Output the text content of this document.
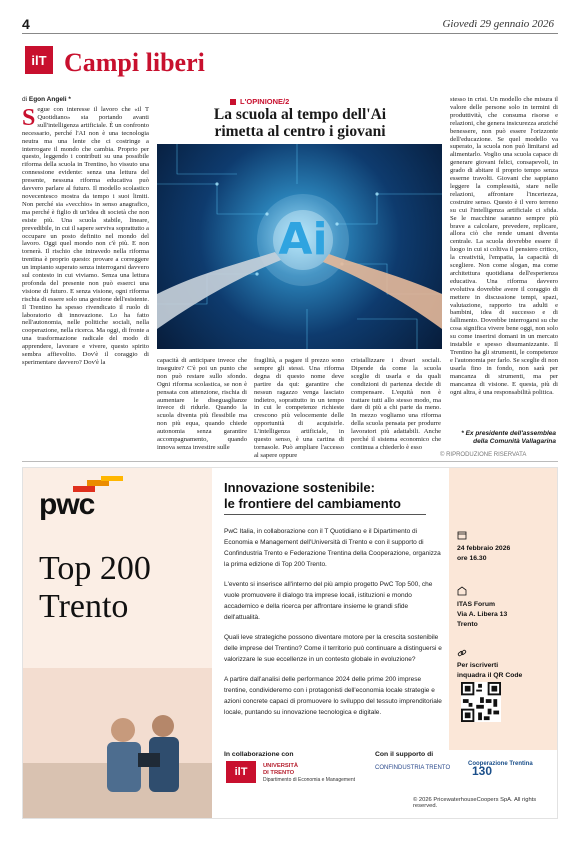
4	Giovedì 29 gennaio 2026
ilT Campi liberi
di Egon Angeli *
S egue con interesse il lavoro che «il T Quotidiano» sta portando avanti sull'intelligenza artificiale. È un confronto necessario, perché l'AI non è una tecnologia neutra ma una lente che ci costringe a interrogare il mondo che cambia. Proprio per questo, leggendo i contributi su una possibile riforma della scuola in Trentino, ho vissuto una connessione evidente: senza una lettura del presente, nessuna riforma educativa può davvero parlare al futuro. Il modello scolastico novecentesco mostra da tempo i suoi limiti. Non perché sia «vecchio» in senso anagrafico, ma perché è figlio di un'idea di società che non esiste più. Una scuola stabile, lineare, prevedibile, in cui il sapere serviva soprattutto a occupare un posto definito nel mondo del lavoro. Oggi quel mondo non c'è più. E non tornerà. Il rischio che intravedo nella riforma trentina è proprio questo: provare a correggere un impianto superato senza interrogarsi davvero sul contesto in cui viviamo. Senza una lettura profonda del presente non può esserci una visione di futuro. E senza visione, ogni riforma rischia di essere solo una gestione dell'esistente. Il Trentino ha spesso rivendicato il ruolo di laboratorio di innovazione. Lo ha fatto nell'autonomia, nelle politiche sociali, nella cooperazione, nella ricerca. Ma oggi, di fronte a una trasformazione radicale del modo di apprendere, lavorare e vivere, questo spirito sembra affievolito. Dov'è il coraggio di sperimentare davvero? Dov'è la
L'OPINIONE/2
La scuola al tempo dell'Ai rimetta al centro i giovani
Ai
capacità di anticipare invece che inseguire? C'è poi un punto che non può restare sullo sfondo. Ogni riforma scolastica, se non è pensata con attenzione, rischia di aumentare le diseguaglianze invece di ridurle. Quando la scuola diventa più flessibile ma non più equa, quando chiede autonomia senza garantire accompagnamento, quando innova senza investire sulle
fragilità, a pagare il prezzo sono sempre gli stessi. Una riforma degna di questo nome deve partire da qui: garantire che nessun ragazzo venga lasciato indietro, soprattutto in un tempo in cui le competenze richieste crescono più velocemente delle opportunità di acquisirle. L'intelligenza artificiale, in questo senso, è una cartina di tornasole. Può ampliare l'accesso al sapere oppure
cristallizzare i divari sociali. Dipende da come la scuola sceglie di usarla e da quali condizioni di partenza decide di compensare. L'equità non è trattare tutti allo stesso modo, ma dare di più a chi parte da meno. In mezzo vogliamo una riforma della scuola pensata per produrre lavoratori più adattabili. Anche perché il sistema economico che continua a chiederlo è esso
stesso in crisi. Un modello che misura il valore delle persone solo in termini di produttività, che consuma risorse e relazioni, che genera insicurezza anziché benessere, non può essere l'orizzonte dell'educazione. Se quel modello va superato, la scuola non può limitarsi ad alimentarlo. Voglio una scuola capace di generare giovani felici, consapevoli, in grado di abitare il proprio tempo senza esserne travolti. Giovani che sappiano leggere la complessità, stare nelle relazioni, affrontare l'incertezza, costruire senso. Questo è il vero terreno su cui l'intelligenza artificiale ci sfida. Se le macchine saranno sempre più brave a calcolare, prevedere, replicare, allora ciò che rende umani diventa centrale. La scuola dovrebbe essere il luogo in cui si coltiva il pensiero critico, la creatività, l'empatia, la capacità di scegliere. Non come slogan, ma come architettura quotidiana dell'esperienza educativa. Una riforma davvero evolutiva dovrebbe avere il coraggio di mettere in discussione tempi, spazi, valutazione, rapporto tra adulti e bambini, idea di successo e di fallimento. Dovrebbe interrogarsi su che cosa significa vivere bene oggi, non solo su come inserirsi domani in un mercato instabile e spesso disumanizzante. Il Trentino ha gli strumenti, le competenze e l'autonomia per farlo. Se sceglie di non usarla fino in fondo, non sarà per mancanza di strumenti, ma per mancanza di visione. E questa, più di ogni altra, è una responsabilità politica.
* Ex presidente dell'assemblea
della Comunità Vallagarina
© RIPRODUZIONE RISERVATA
pwc
Top 200 Trento
Innovazione sostenibile:
le frontiere del cambiamento

PwC Italia, in collaborazione con il T Quotidiano e il Dipartimento di Economia e Management dell'Università di Trento e con il supporto di Confindustria Trento e Federazione Trentina della Cooperazione, organizza la prima edizione di Top 200 Trento.

L'evento si inserisce all'interno del più ampio progetto PwC Top 500, che vuole promuovere il dialogo tra imprese locali, istituzioni e mondo accademico e della ricerca per affrontare insieme le grandi sfide dell'attualità.

Quali leve strategiche possono diventare motore per la crescita sostenibile delle imprese del Trentino? Come il territorio può continuare a distinguersi e valorizzare le sue eccellenze in un contesto globale in evoluzione?

A partire dall'analisi delle performance 2024 delle prime 200 imprese trentine, condivideremo con i protagonisti dell'economia locale strategie e azioni concrete capaci di promuovere lo sviluppo del tessuto imprenditoriale locale, puntando su innovazione tecnologica e digitale.

24 febbraio 2026
ore 16.30
ITAS Forum
Via A. Libera 13
Trento
Per iscriverti
inquadra il QR Code
In collaborazione con	Con il supporto di
ilT	UNIVERSITÀ
DI TRENTO
Dipartimento di Economia e Management
CONFINDUSTRIA TRENTO
Cooperazione Trentina 130
© 2026 PricewaterhouseCoopers SpA. All rights reserved.
